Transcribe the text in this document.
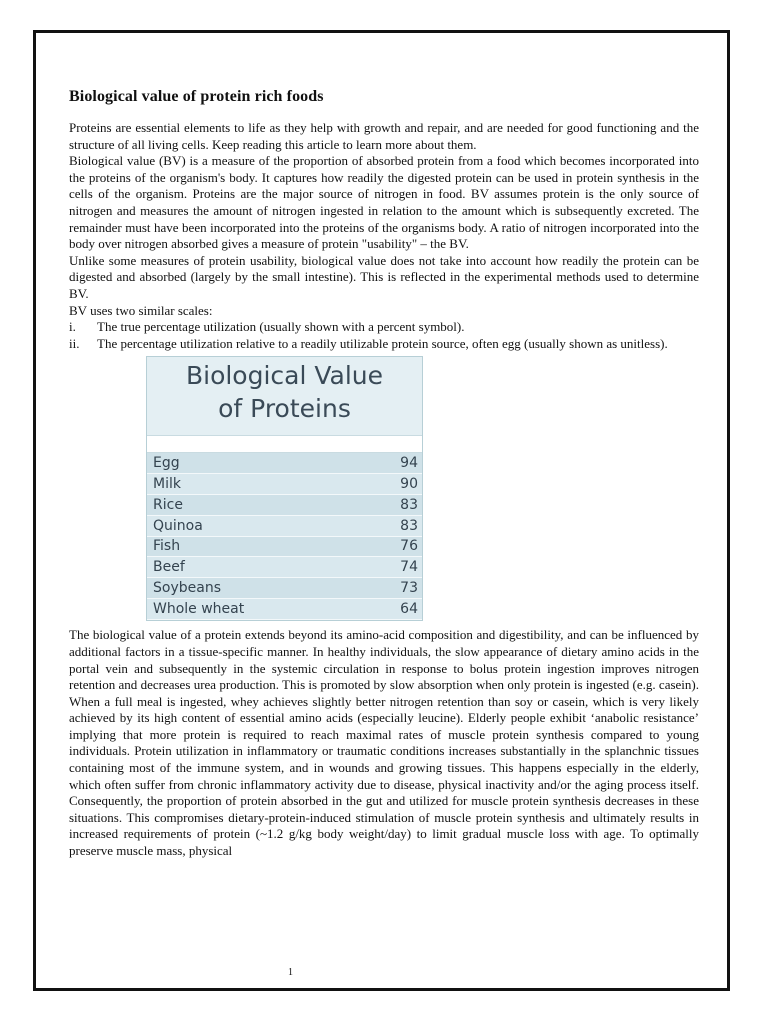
Biological value of protein rich foods

Proteins are essential elements to life as they help with growth and repair, and are needed for good functioning and the structure of all living cells. Keep reading this article to learn more about them.

Biological value (BV) is a measure of the proportion of absorbed protein from a food which becomes incorporated into the proteins of the organism's body. It captures how readily the digested protein can be used in protein synthesis in the cells of the organism. Proteins are the major source of nitrogen in food. BV assumes protein is the only source of nitrogen and measures the amount of nitrogen ingested in relation to the amount which is subsequently excreted. The remainder must have been incorporated into the proteins of the organisms body. A ratio of nitrogen incorporated into the body over nitrogen absorbed gives a measure of protein "usability" – the BV.

Unlike some measures of protein usability, biological value does not take into account how readily the protein can be digested and absorbed (largely by the small intestine). This is reflected in the experimental methods used to determine BV.

BV uses two similar scales:

i.	The true percentage utilization (usually shown with a percent symbol).
ii.	The percentage utilization relative to a readily utilizable protein source, often egg (usually shown as unitless).
Biological Value
of Proteins
Egg	94
Milk	90
Rice	83
Quinoa	83
Fish	76
Beef	74
Soybeans	73
Whole wheat	64

The biological value of a protein extends beyond its amino-acid composition and digestibility, and can be influenced by additional factors in a tissue-specific manner. In healthy individuals, the slow appearance of dietary amino acids in the portal vein and subsequently in the systemic circulation in response to bolus protein ingestion improves nitrogen retention and decreases urea production. This is promoted by slow absorption when only protein is ingested (e.g. casein). When a full meal is ingested, whey achieves slightly better nitrogen retention than soy or casein, which is very likely achieved by its high content of essential amino acids (especially leucine). Elderly people exhibit ‘anabolic resistance’ implying that more protein is required to reach maximal rates of muscle protein synthesis compared to young individuals. Protein utilization in inflammatory or traumatic conditions increases substantially in the splanchnic tissues containing most of the immune system, and in wounds and growing tissues. This happens especially in the elderly, which often suffer from chronic inflammatory activity due to disease, physical inactivity and/or the aging process itself. Consequently, the proportion of protein absorbed in the gut and utilized for muscle protein synthesis decreases in these situations. This compromises dietary-protein-induced stimulation of muscle protein synthesis and ultimately results in increased requirements of protein (~1.2 g/kg body weight/day) to limit gradual muscle loss with age. To optimally preserve muscle mass, physical

1
